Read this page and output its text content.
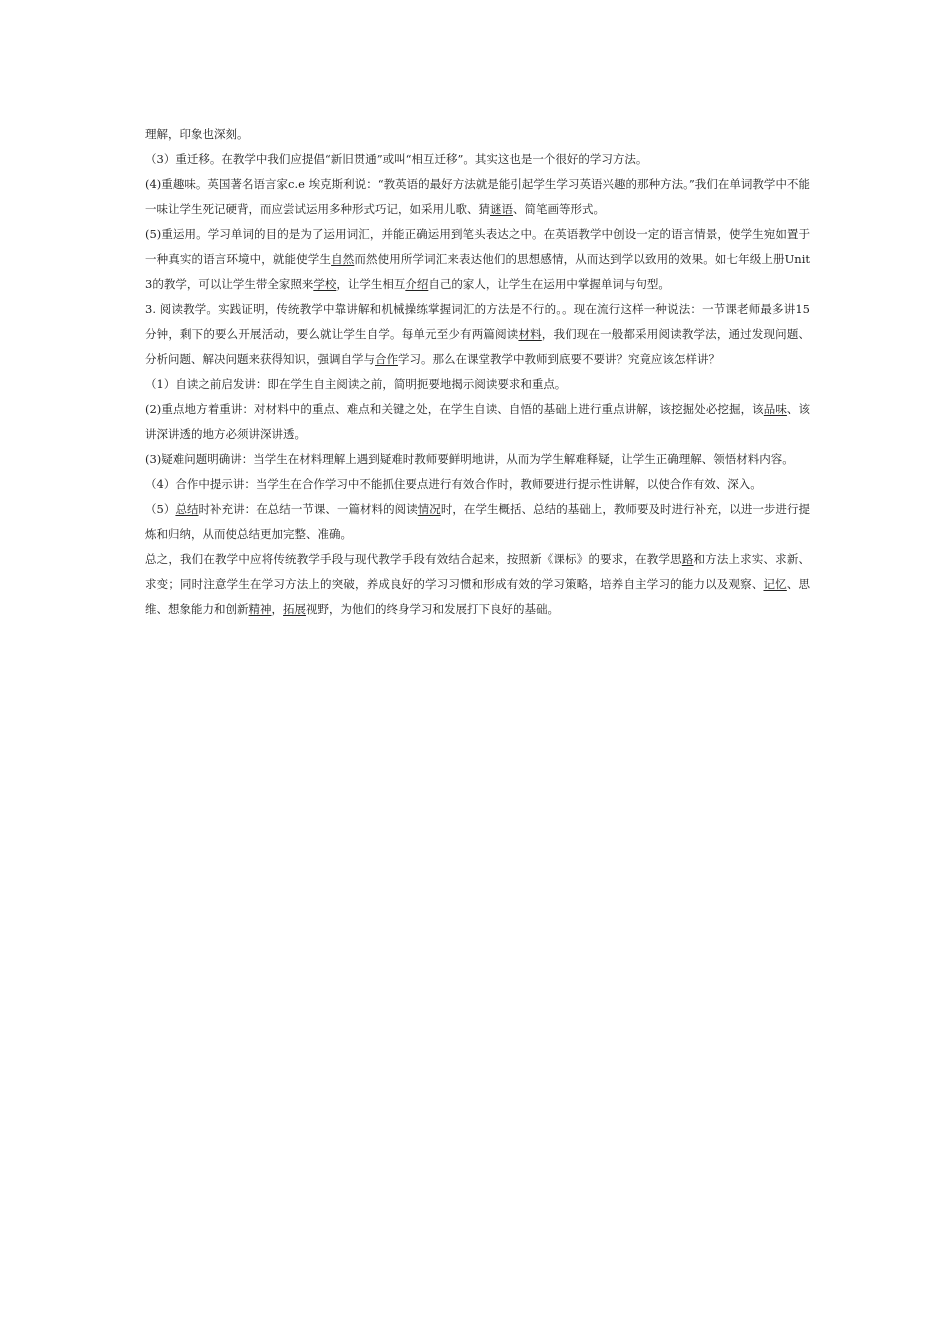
理解，印象也深刻。

（3）重迁移。在教学中我们应提倡“新旧贯通”或叫“相互迁移”。其实这也是一个很好的学习方法。

(4)重趣味。英国著名语言家c.e 埃克斯利说：“教英语的最好方法就是能引起学生学习英语兴趣的那种方法。”我们在单词教学中不能一味让学生死记硬背，而应尝试运用多种形式巧记，如采用儿歌、猜谜语、简笔画等形式。

(5)重运用。学习单词的目的是为了运用词汇，并能正确运用到笔头表达之中。在英语教学中创设一定的语言情景，使学生宛如置于一种真实的语言环境中，就能使学生自然而然使用所学词汇来表达他们的思想感情，从而达到学以致用的效果。如七年级上册Unit 3的教学，可以让学生带全家照来学校，让学生相互介绍自己的家人，让学生在运用中掌握单词与句型。

3. 阅读教学。实践证明，传统教学中靠讲解和机械操练掌握词汇的方法是不行的。。现在流行这样一种说法：一节课老师最多讲15分钟，剩下的要么开展活动，要么就让学生自学。每单元至少有两篇阅读材料，我们现在一般都采用阅读教学法，通过发现问题、分析问题、解决问题来获得知识，强调自学与合作学习。那么在课堂教学中教师到底要不要讲？究竟应该怎样讲？

（1）自读之前启发讲：即在学生自主阅读之前，简明扼要地揭示阅读要求和重点。

(2)重点地方着重讲：对材料中的重点、难点和关键之处，在学生自读、自悟的基础上进行重点讲解，该挖掘处必挖掘，该品味、该讲深讲透的地方必须讲深讲透。

(3)疑难问题明确讲：当学生在材料理解上遇到疑难时教师要鲜明地讲，从而为学生解难释疑，让学生正确理解、领悟材料内容。

（4）合作中提示讲：当学生在合作学习中不能抓住要点进行有效合作时，教师要进行提示性讲解，以使合作有效、深入。

（5）总结时补充讲：在总结一节课、一篇材料的阅读情况时，在学生概括、总结的基础上，教师要及时进行补充，以进一步进行提炼和归纳，从而使总结更加完整、准确。

总之，我们在教学中应将传统教学手段与现代教学手段有效结合起来，按照新《课标》的要求，在教学思路和方法上求实、求新、求变；同时注意学生在学习方法上的突破，养成良好的学习习惯和形成有效的学习策略，培养自主学习的能力以及观察、记忆、思维、想象能力和创新精神，拓展视野，为他们的终身学习和发展打下良好的基础。
